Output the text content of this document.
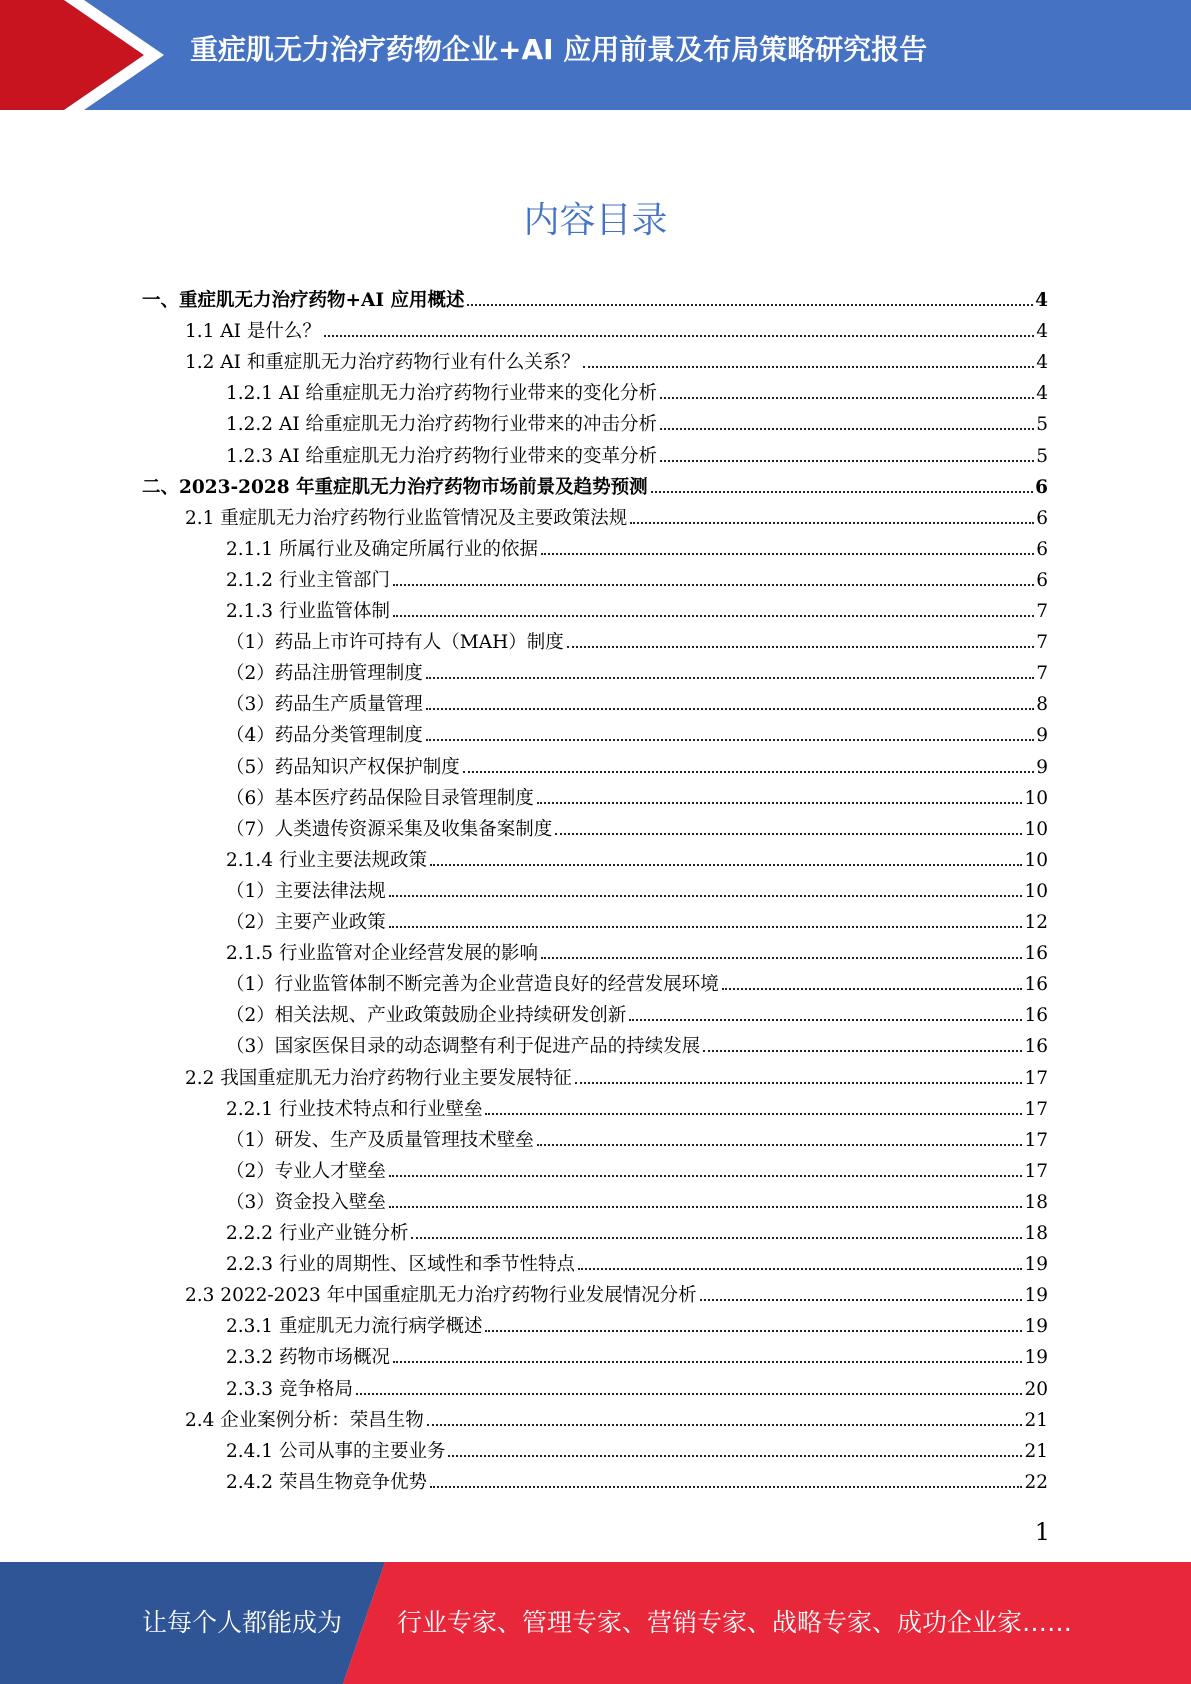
重症肌无力治疗药物企业+AI 应用前景及布局策略研究报告
内容目录
一、重症肌无力治疗药物+AI 应用概述	4
1.1 AI 是什么？	4
1.2 AI 和重症肌无力治疗药物行业有什么关系？	4
1.2.1 AI 给重症肌无力治疗药物行业带来的变化分析	4
1.2.2 AI 给重症肌无力治疗药物行业带来的冲击分析	5
1.2.3 AI 给重症肌无力治疗药物行业带来的变革分析	5
二、2023-2028 年重症肌无力治疗药物市场前景及趋势预测	6
2.1 重症肌无力治疗药物行业监管情况及主要政策法规	6
2.1.1 所属行业及确定所属行业的依据	6
2.1.2 行业主管部门	6
2.1.3 行业监管体制	7
（1）药品上市许可持有人（MAH）制度	7
（2）药品注册管理制度	7
（3）药品生产质量管理	8
（4）药品分类管理制度	9
（5）药品知识产权保护制度	9
（6）基本医疗药品保险目录管理制度	10
（7）人类遗传资源采集及收集备案制度	10
2.1.4 行业主要法规政策	10
（1）主要法律法规	10
（2）主要产业政策	12
2.1.5 行业监管对企业经营发展的影响	16
（1）行业监管体制不断完善为企业营造良好的经营发展环境	16
（2）相关法规、产业政策鼓励企业持续研发创新	16
（3）国家医保目录的动态调整有利于促进产品的持续发展	16
2.2 我国重症肌无力治疗药物行业主要发展特征	17
2.2.1 行业技术特点和行业壁垒	17
（1）研发、生产及质量管理技术壁垒	17
（2）专业人才壁垒	17
（3）资金投入壁垒	18
2.2.2 行业产业链分析	18
2.2.3 行业的周期性、区域性和季节性特点	19
2.3 2022-2023 年中国重症肌无力治疗药物行业发展情况分析	19
2.3.1 重症肌无力流行病学概述	19
2.3.2 药物市场概况	19
2.3.3 竞争格局	20
2.4 企业案例分析：荣昌生物	21
2.4.1 公司从事的主要业务	21
2.4.2 荣昌生物竞争优势	22
1
让每个人都能成为 行业专家、管理专家、营销专家、战略专家、成功企业家……
